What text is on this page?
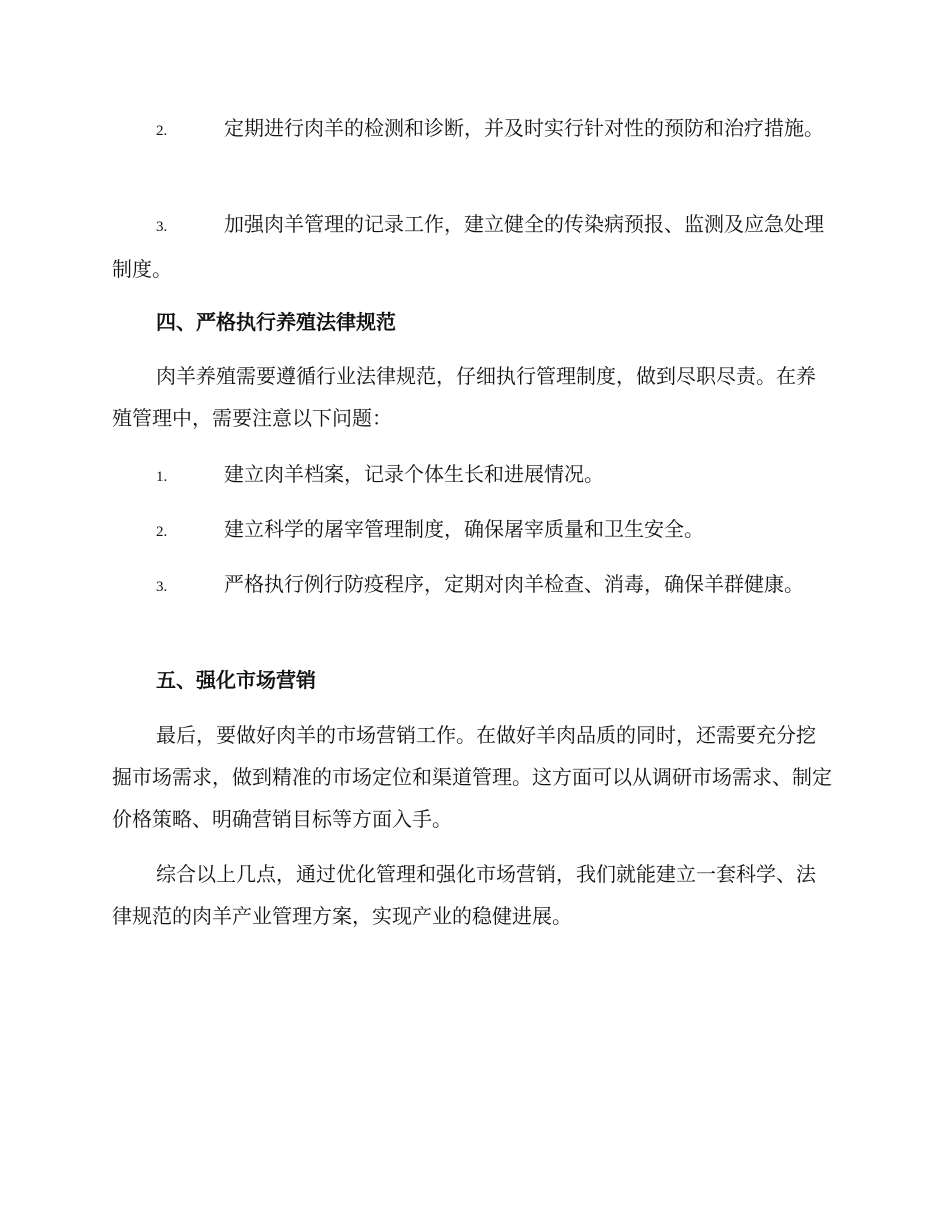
2.	定期进行肉羊的检测和诊断，并及时实行针对性的预防和治疗措施。

3.	加强肉羊管理的记录工作，建立健全的传染病预报、监测及应急处理制度。

四、严格执行养殖法律规范

肉羊养殖需要遵循行业法律规范，仔细执行管理制度，做到尽职尽责。在养殖管理中，需要注意以下问题：

1.	建立肉羊档案，记录个体生长和进展情况。

2.	建立科学的屠宰管理制度，确保屠宰质量和卫生安全。

3.	严格执行例行防疫程序，定期对肉羊检查、消毒，确保羊群健康。

五、强化市场营销

最后，要做好肉羊的市场营销工作。在做好羊肉品质的同时，还需要充分挖掘市场需求，做到精准的市场定位和渠道管理。这方面可以从调研市场需求、制定价格策略、明确营销目标等方面入手。

综合以上几点，通过优化管理和强化市场营销，我们就能建立一套科学、法律规范的肉羊产业管理方案，实现产业的稳健进展。
